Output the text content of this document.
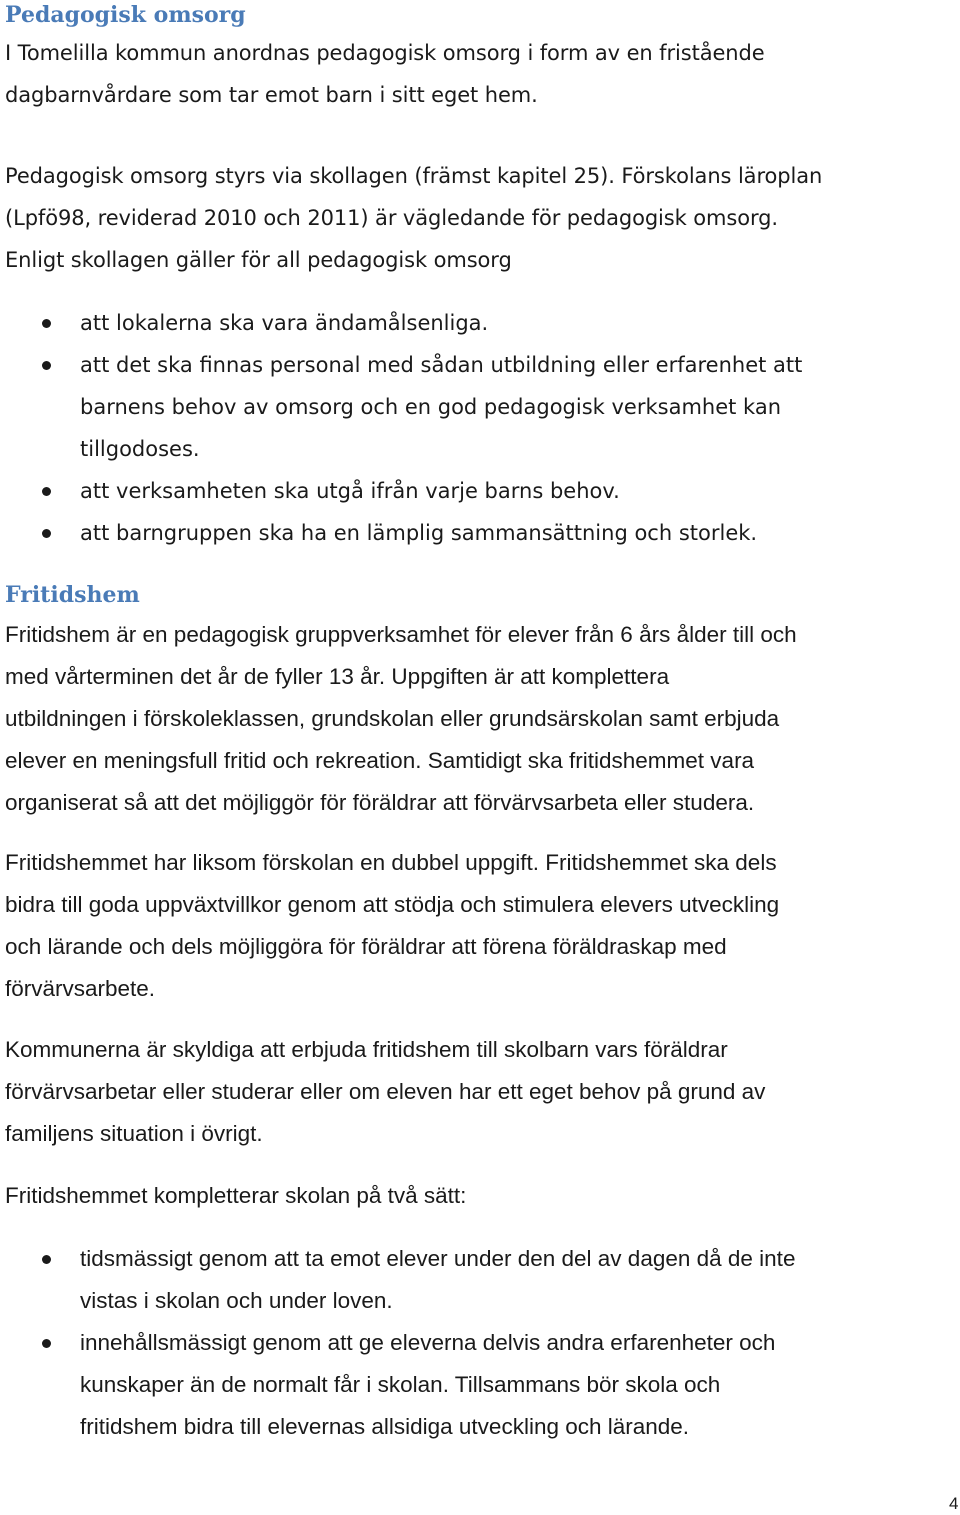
Pedagogisk omsorg
I Tomelilla kommun anordnas pedagogisk omsorg i form av en fristående
dagbarnvårdare som tar emot barn i sitt eget hem.
Pedagogisk omsorg styrs via skollagen (främst kapitel 25). Förskolans läroplan
(Lpfö98, reviderad 2010 och 2011) är vägledande för pedagogisk omsorg.
Enligt skollagen gäller för all pedagogisk omsorg
att lokalerna ska vara ändamålsenliga.
att det ska finnas personal med sådan utbildning eller erfarenhet att
barnens behov av omsorg och en god pedagogisk verksamhet kan
tillgodoses.
att verksamheten ska utgå ifrån varje barns behov.
att barngruppen ska ha en lämplig sammansättning och storlek.
Fritidshem
Fritidshem är en pedagogisk gruppverksamhet för elever från 6 års ålder till och
med vårterminen det år de fyller 13 år. Uppgiften är att komplettera
utbildningen i förskoleklassen, grundskolan eller grundsärskolan samt erbjuda
elever en meningsfull fritid och rekreation. Samtidigt ska fritidshemmet vara
organiserat så att det möjliggör för föräldrar att förvärvsarbeta eller studera.
Fritidshemmet har liksom förskolan en dubbel uppgift. Fritidshemmet ska dels
bidra till goda uppväxtvillkor genom att stödja och stimulera elevers utveckling
och lärande och dels möjliggöra för föräldrar att förena föräldraskap med
förvärvsarbete.
Kommunerna är skyldiga att erbjuda fritidshem till skolbarn vars föräldrar
förvärvsarbetar eller studerar eller om eleven har ett eget behov på grund av
familjens situation i övrigt.
Fritidshemmet kompletterar skolan på två sätt:
tidsmässigt genom att ta emot elever under den del av dagen då de inte
vistas i skolan och under loven.
innehållsmässigt genom att ge eleverna delvis andra erfarenheter och
kunskaper än de normalt får i skolan. Tillsammans bör skola och
fritidshem bidra till elevernas allsidiga utveckling och lärande.
4
